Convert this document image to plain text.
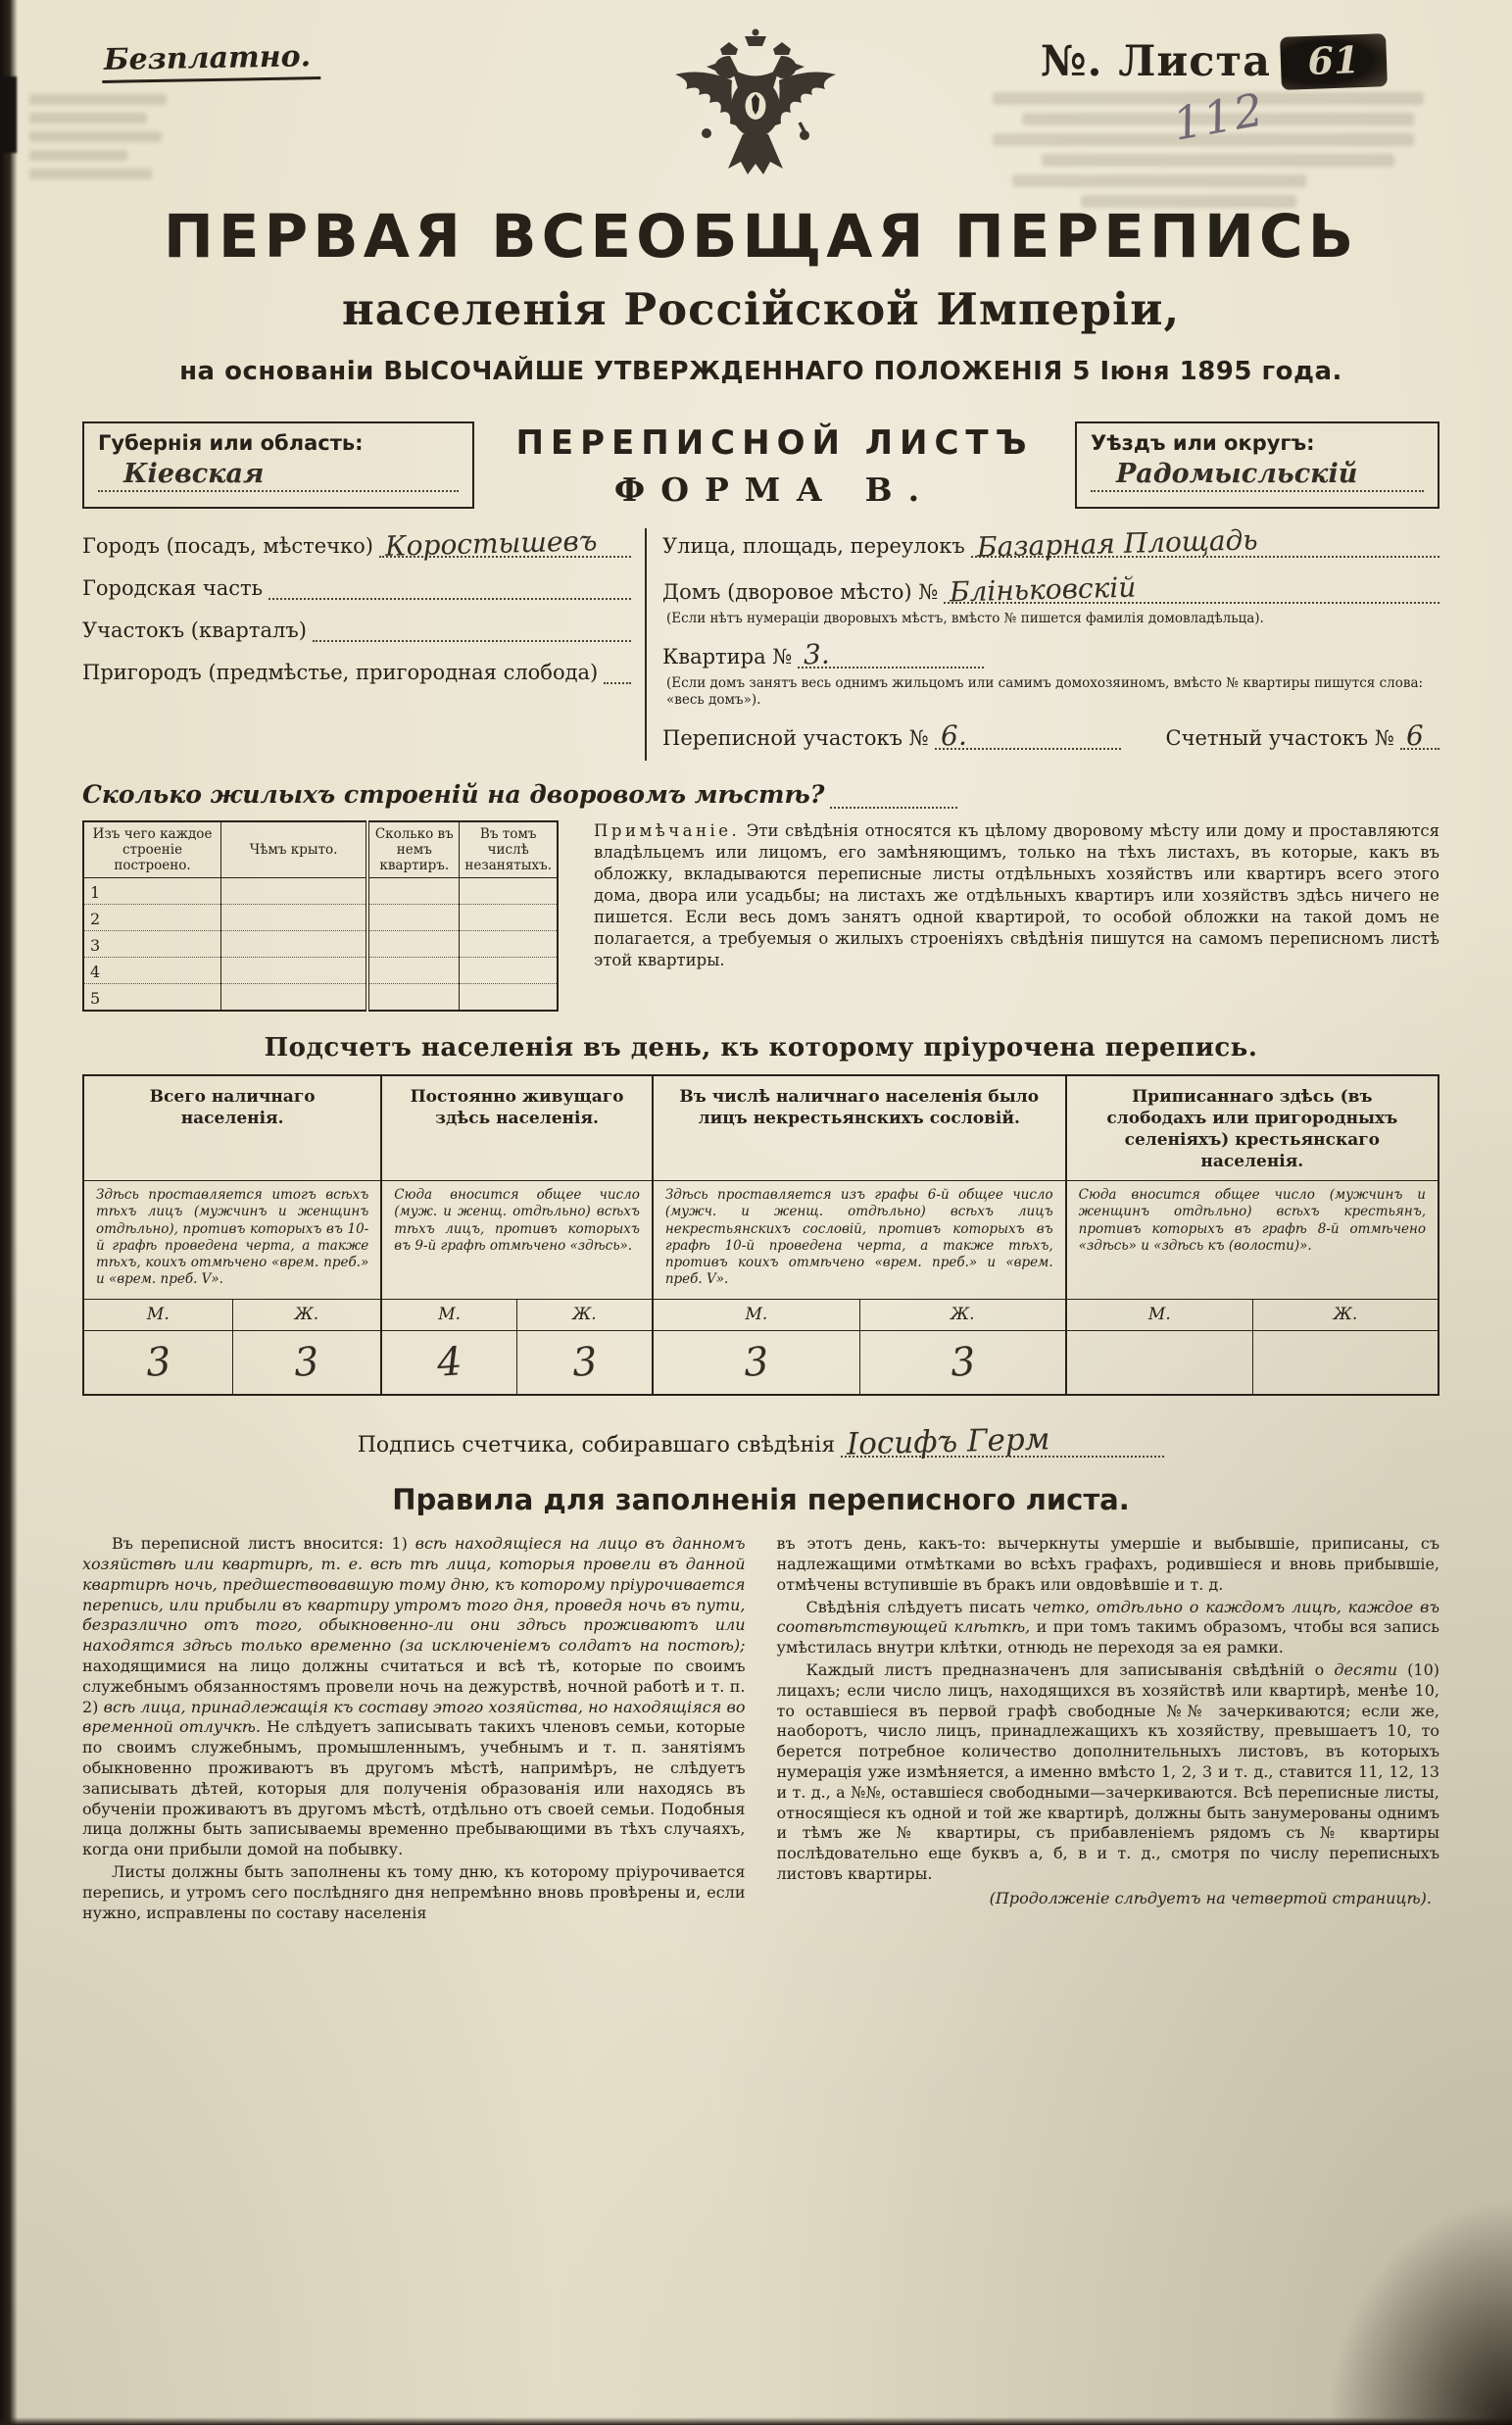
Безплатно.	№. Листа 61
112
ПЕРВАЯ ВСЕОБЩАЯ ПЕРЕПИСЬ
населенія Россійской Имперіи,
на основаніи ВЫСОЧАЙШЕ УТВЕРЖДЕННАГО ПОЛОЖЕНІЯ 5 Іюня 1895 года.
Губернія или область:
Кіевская
ПЕРЕПИСНОЙ ЛИСТЪ
ФОРМА В.
Уѣздъ или округъ:
Радомысльскій
Городъ (посадъ, мѣстечко) Коростышевъ
Городская часть
Участокъ (кварталъ)
Пригородъ (предмѣстье, пригородная слобода)
Улица, площадь, переулокъ Базарная Площадь
Домъ (дворовое мѣсто) № Бліньковскій
(Если нѣтъ нумераціи дворовыхъ мѣстъ, вмѣсто № пишется фамилія домовладѣльца).
Квартира № 3.
(Если домъ занятъ весь однимъ жильцомъ или самимъ домохозяиномъ, вмѣсто № квартиры пишутся слова: «весь домъ»).
Переписной участокъ № 6.	Счетный участокъ № 6
Сколько жилыхъ строеній на дворовомъ мѣстѣ?
Изъ чего каждое строеніе построено.	Чѣмъ крыто.	Сколько въ немъ квартиръ.	Въ томъ числѣ незанятыхъ.
1			
2			
3			
4			
5			
Примѣчаніе. Эти свѣдѣнія относятся къ цѣлому дворовому мѣсту или дому и проставляются владѣльцемъ или лицомъ, его замѣняющимъ, только на тѣхъ листахъ, въ которые, какъ въ обложку, вкладываются переписные листы отдѣльныхъ хозяйствъ или квартиръ всего этого дома, двора или усадьбы; на листахъ же отдѣльныхъ квартиръ или хозяйствъ здѣсь ничего не пишется. Если весь домъ занятъ одной квартирой, то особой обложки на такой домъ не полагается, а требуемыя о жилыхъ строеніяхъ свѣдѣнія пишутся на самомъ переписномъ листѣ этой квартиры.
Подсчетъ населенія въ день, къ которому пріурочена перепись.
Всего наличнаго населенія.		Постоянно живущаго здѣсь населенія.		Въ числѣ наличнаго населенія было лицъ некрестьянскихъ сословій.		Приписаннаго здѣсь (въ слободахъ или пригородныхъ селеніяхъ) крестьянскаго населенія.	
Здѣсь проставляется итогъ всѣхъ тѣхъ лицъ (мужчинъ и женщинъ отдѣльно), противъ которыхъ въ 10-й графѣ проведена черта, а также тѣхъ, коихъ отмѣчено «врем. преб.» и «врем. преб. V».		Сюда вносится общее число (муж. и женщ. отдѣльно) всѣхъ тѣхъ лицъ, противъ которыхъ въ 9-й графѣ отмѣчено «здѣсь».		Здѣсь проставляется изъ графы 6-й общее число (мужч. и женщ. отдѣльно) всѣхъ лицъ некрестьянскихъ сословій, противъ которыхъ въ графѣ 10-й проведена черта, а также тѣхъ, противъ коихъ отмѣчено «врем. преб.» и «врем. преб. V».		Сюда вносится общее число (мужчинъ и женщинъ отдѣльно) всѣхъ крестьянъ, противъ которыхъ въ графѣ 8-й отмѣчено «здѣсь» и «здѣсь къ (волости)».	
М.	Ж.	М.	Ж.	М.	Ж.	М.	Ж.
3	3	4	3	3	3		
Подпись счетчика, собиравшаго свѣдѣнія Іосифъ Герм
Правила для заполненія переписного листа.

Въ переписной листъ вносится: 1) всѣ находящіеся на лицо въ данномъ хозяйствѣ или квартирѣ, т. е. всѣ тѣ лица, которыя провели въ данной квартирѣ ночь, предшествовавшую тому дню, къ которому пріурочивается перепись, или прибыли въ квартиру утромъ того дня, проведя ночь въ пути, безразлично отъ того, обыкновенно-ли они здѣсь проживаютъ или находятся здѣсь только временно (за исключеніемъ солдатъ на постоѣ); находящимися на лицо должны считаться и всѣ тѣ, которые по своимъ служебнымъ обязанностямъ провели ночь на дежурствѣ, ночной работѣ и т. п. 2) всѣ лица, принадлежащія къ составу этого хозяйства, но находящіяся во временной отлучкѣ. Не слѣдуетъ записывать такихъ членовъ семьи, которые по своимъ служебнымъ, промышленнымъ, учебнымъ и т. п. занятіямъ обыкновенно проживаютъ въ другомъ мѣстѣ, напримѣръ, не слѣдуетъ записывать дѣтей, которыя для полученія образованія или находясь въ обученіи проживаютъ въ другомъ мѣстѣ, отдѣльно отъ своей семьи. Подобныя лица должны быть записываемы временно пребывающими въ тѣхъ случаяхъ, когда они прибыли домой на побывку.

Листы должны быть заполнены къ тому дню, къ которому пріурочивается перепись, и утромъ сего послѣдняго дня непремѣнно вновь провѣрены и, если нужно, исправлены по составу населенія

въ этотъ день, какъ-то: вычеркнуты умершіе и выбывшіе, приписаны, съ надлежащими отмѣтками во всѣхъ графахъ, родившіеся и вновь прибывшіе, отмѣчены вступившіе въ бракъ или овдовѣвшіе и т. д.

Свѣдѣнія слѣдуетъ писать четко, отдѣльно о каждомъ лицѣ, каждое въ соотвѣтствующей клѣткѣ, и при томъ такимъ образомъ, чтобы вся запись умѣстилась внутри клѣтки, отнюдь не переходя за ея рамки.

Каждый листъ предназначенъ для записыванія свѣдѣній о десяти (10) лицахъ; если число лицъ, находящихся въ хозяйствѣ или квартирѣ, менѣе 10, то оставшіеся въ первой графѣ свободные №№ зачеркиваются; если же, наоборотъ, число лицъ, принадлежащихъ къ хозяйству, превышаетъ 10, то берется потребное количество дополнительныхъ листовъ, въ которыхъ нумерація уже измѣняется, а именно вмѣсто 1, 2, 3 и т. д., ставится 11, 12, 13 и т. д., а №№, оставшіеся свободными—зачеркиваются. Всѣ переписные листы, относящіеся къ одной и той же квартирѣ, должны быть занумерованы однимъ и тѣмъ же № квартиры, съ прибавленіемъ рядомъ съ № квартиры послѣдовательно еще буквъ а, б, в и т. д., смотря по числу переписныхъ листовъ квартиры.

(Продолженіе слѣдуетъ на четвертой страницѣ).
